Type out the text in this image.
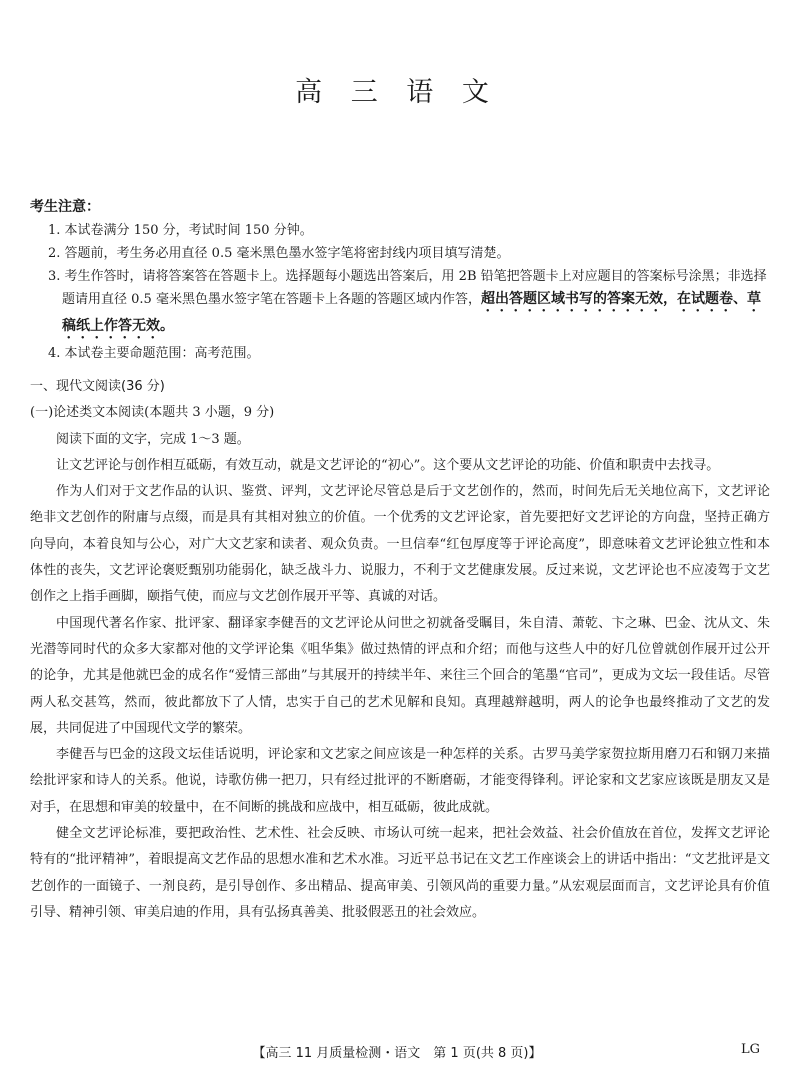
高 三 语 文
考生注意：
1. 本试卷满分 150 分，考试时间 150 分钟。
2. 答题前，考生务必用直径 0.5 毫米黑色墨水签字笔将密封线内项目填写清楚。
3. 考生作答时，请将答案答在答题卡上。选择题每小题选出答案后，用 2B 铅笔把答题卡上对应题目的答案标号涂黑；非选择题请用直径 0.5 毫米黑色墨水签字笔在答题卡上各题的答题区域内作答，超出答题区域书写的答案无效，在试题卷、草稿纸上作答无效。
4. 本试卷主要命题范围：高考范围。
一、现代文阅读(36 分)
(一)论述类文本阅读(本题共 3 小题，9 分)

阅读下面的文字，完成 1～3 题。

让文艺评论与创作相互砥砺，有效互动，就是文艺评论的“初心”。这个要从文艺评论的功能、价值和职责中去找寻。

作为人们对于文艺作品的认识、鉴赏、评判，文艺评论尽管总是后于文艺创作的，然而，时间先后无关地位高下，文艺评论绝非文艺创作的附庸与点缀，而是具有其相对独立的价值。一个优秀的文艺评论家，首先要把好文艺评论的方向盘，坚持正确方向导向，本着良知与公心，对广大文艺家和读者、观众负责。一旦信奉“红包厚度等于评论高度”，即意味着文艺评论独立性和本体性的丧失，文艺评论褒贬甄别功能弱化，缺乏战斗力、说服力，不利于文艺健康发展。反过来说，文艺评论也不应凌驾于文艺创作之上指手画脚，颐指气使，而应与文艺创作展开平等、真诚的对话。

中国现代著名作家、批评家、翻译家李健吾的文艺评论从问世之初就备受瞩目，朱自清、萧乾、卞之琳、巴金、沈从文、朱光潜等同时代的众多大家都对他的文学评论集《咀华集》做过热情的评点和介绍；而他与这些人中的好几位曾就创作展开过公开的论争，尤其是他就巴金的成名作“爱情三部曲”与其展开的持续半年、来往三个回合的笔墨“官司”，更成为文坛一段佳话。尽管两人私交甚笃，然而，彼此都放下了人情，忠实于自己的艺术见解和良知。真理越辩越明，两人的论争也最终推动了文艺的发展，共同促进了中国现代文学的繁荣。

李健吾与巴金的这段文坛佳话说明，评论家和文艺家之间应该是一种怎样的关系。古罗马美学家贺拉斯用磨刀石和钢刀来描绘批评家和诗人的关系。他说，诗歌仿佛一把刀，只有经过批评的不断磨砺，才能变得锋利。评论家和文艺家应该既是朋友又是对手，在思想和审美的较量中，在不间断的挑战和应战中，相互砥砺，彼此成就。

健全文艺评论标准，要把政治性、艺术性、社会反映、市场认可统一起来，把社会效益、社会价值放在首位，发挥文艺评论特有的“批评精神”，着眼提高文艺作品的思想水准和艺术水准。习近平总书记在文艺工作座谈会上的讲话中指出：“文艺批评是文艺创作的一面镜子、一剂良药，是引导创作、多出精品、提高审美、引领风尚的重要力量。”从宏观层面而言，文艺评论具有价值引导、精神引领、审美启迪的作用，具有弘扬真善美、批驳假恶丑的社会效应。

【高三 11 月质量检测・语文　第 1 页(共 8 页)】	LG
